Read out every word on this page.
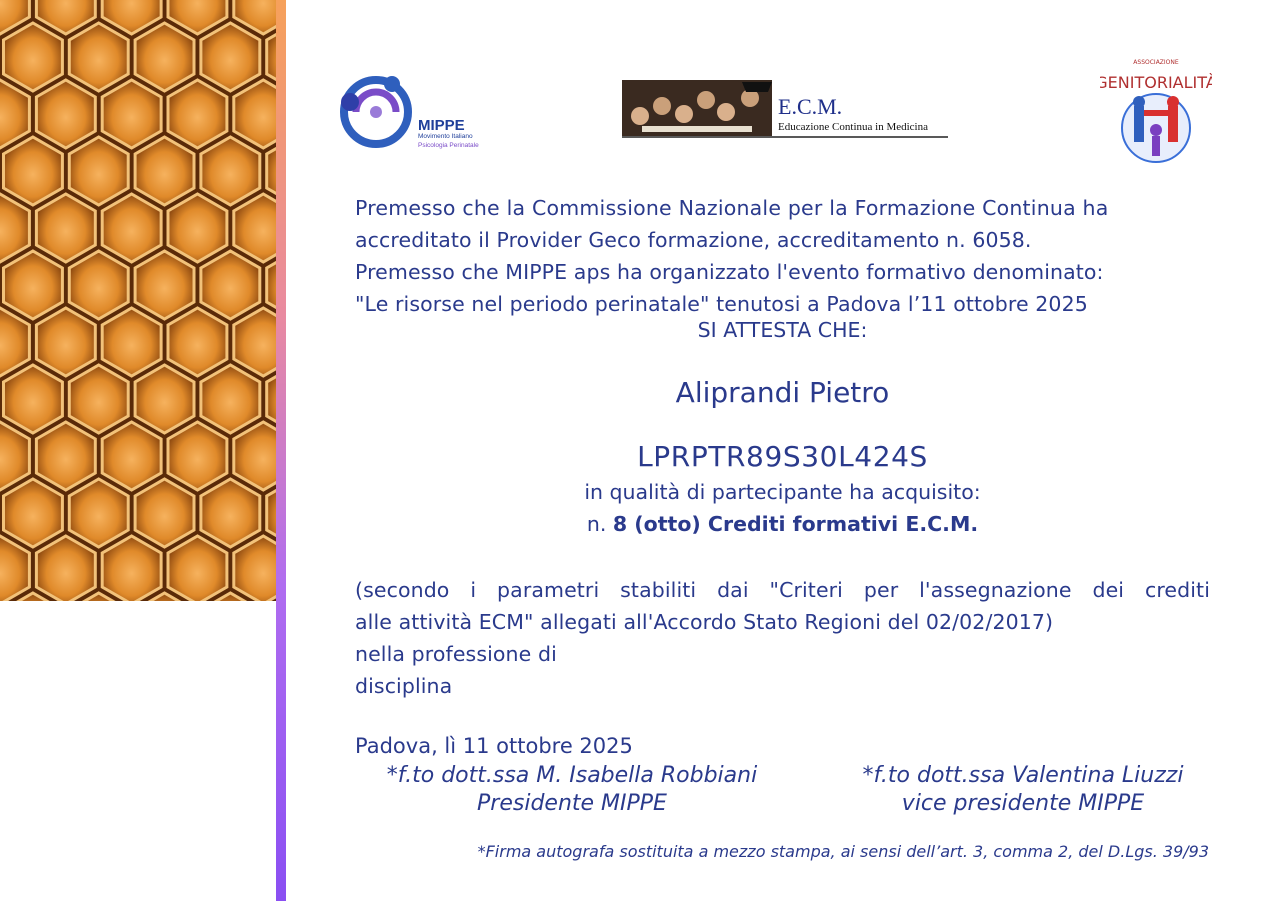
MIPPE
Movimento Italiano
Psicologia Perinatale
E.C.M.
Educazione Continua in Medicina
ASSOCIAZIONE
GENITORIALITÀ
Premesso che la Commissione Nazionale per la Formazione Continua ha
accreditato il Provider Geco formazione, accreditamento n. 6058.
Premesso che MIPPE aps ha organizzato l'evento formativo denominato:
"Le risorse nel periodo perinatale" tenutosi a Padova l’11 ottobre 2025
SI ATTESTA CHE:
Aliprandi Pietro
LPRPTR89S30L424S
in qualità di partecipante ha acquisito:
n. 8 (otto) Crediti formativi E.C.M.
(secondo i parametri stabiliti dai "Criteri per l'assegnazione dei crediti
alle attività ECM" allegati all'Accordo Stato Regioni del 02/02/2017)
nella professione di
disciplina
Padova, lì 11 ottobre 2025
*f.to dott.ssa M. Isabella Robbiani
Presidente MIPPE
*f.to dott.ssa Valentina Liuzzi
vice presidente MIPPE
*Firma autografa sostituita a mezzo stampa, ai sensi dell’art. 3, comma 2, del D.Lgs. 39/93
